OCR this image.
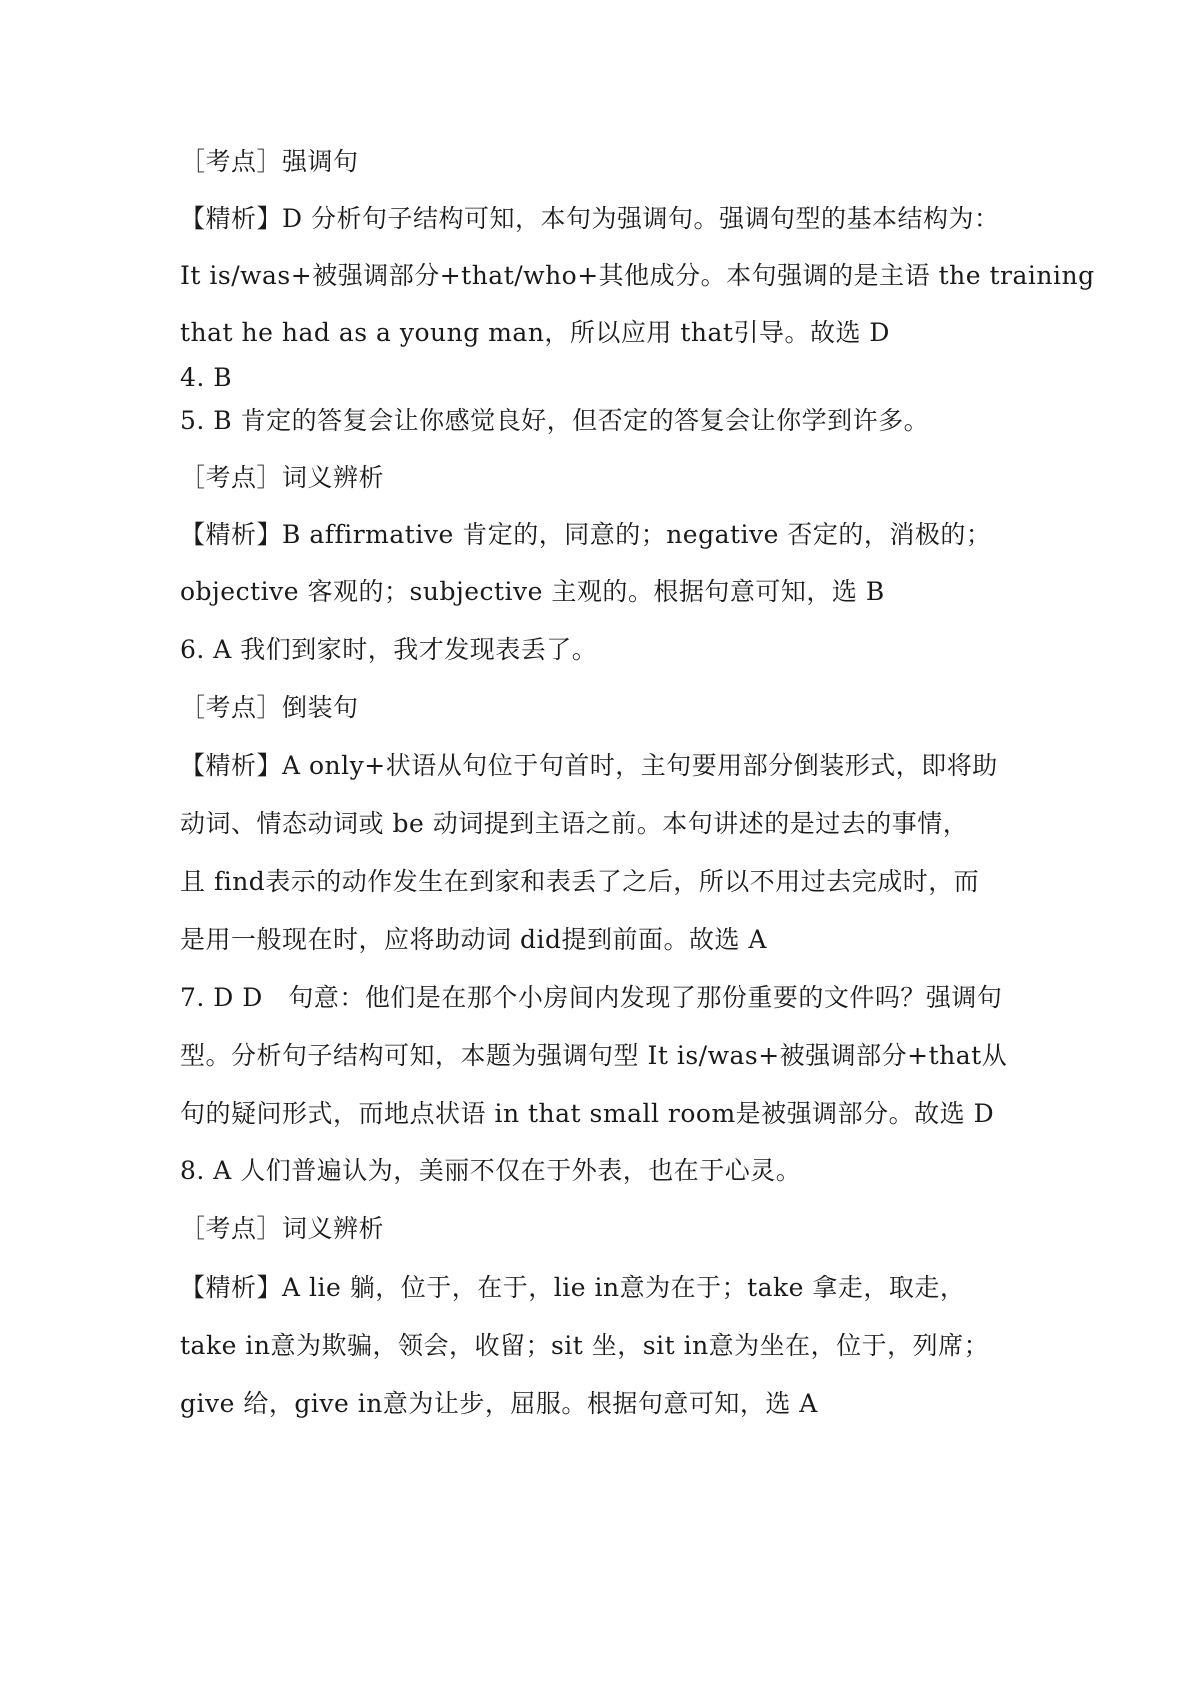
［考点］强调句
【精析】D 分析句子结构可知，本句为强调句。强调句型的基本结构为：
It is/was+被强调部分+that/who+其他成分。本句强调的是主语 the training
that he had as a young man，所以应用 that引导。故选 D
4. B
5. B 肯定的答复会让你感觉良好，但否定的答复会让你学到许多。
［考点］词义辨析
【精析】B affirmative 肯定的，同意的；negative 否定的，消极的；
objective 客观的；subjective 主观的。根据句意可知，选 B
6. A 我们到家时，我才发现表丢了。
［考点］倒装句
【精析】A only+状语从句位于句首时，主句要用部分倒装形式，即将助
动词、情态动词或 be 动词提到主语之前。本句讲述的是过去的事情，
且 find表示的动作发生在到家和表丢了之后，所以不用过去完成时，而
是用一般现在时，应将助动词 did提到前面。故选 A
7. D D　句意：他们是在那个小房间内发现了那份重要的文件吗？强调句
型。分析句子结构可知，本题为强调句型 It is/was+被强调部分+that从
句的疑问形式，而地点状语 in that small room是被强调部分。故选 D
8. A 人们普遍认为，美丽不仅在于外表，也在于心灵。
［考点］词义辨析
【精析】A lie 躺，位于，在于，lie in意为在于；take 拿走，取走，
take in意为欺骗，领会，收留；sit 坐，sit in意为坐在，位于，列席；
give 给，give in意为让步，屈服。根据句意可知，选 A
